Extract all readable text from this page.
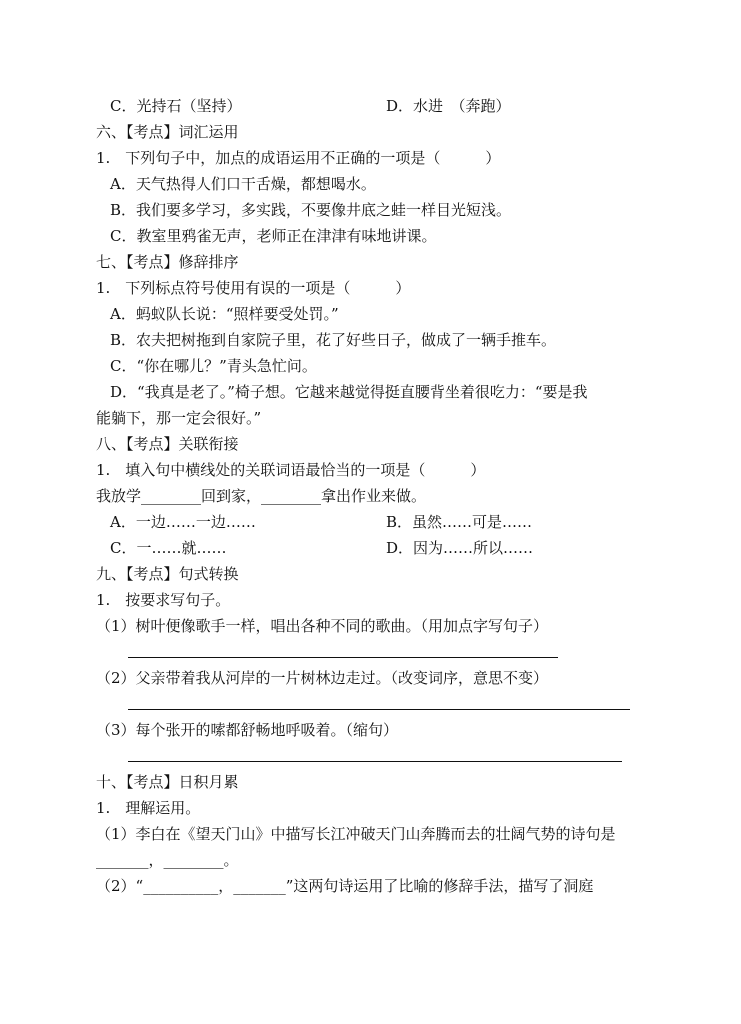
C．光持石（坚持）	D．水进　（奔跑）
六、【考点】词汇运用
1.　下列句子中，加点的成语运用不正确的一项是（　　　）
A．天气热得人们口干舌燥，都想喝水。
B．我们要多学习，多实践，不要像井底之蛙一样目光短浅。
C．教室里鸦雀无声，老师正在津津有味地讲课。
七、【考点】修辞排序
1.　下列标点符号使用有误的一项是（　　　）
A．蚂蚁队长说：“照样要受处罚。”
B．农夫把树拖到自家院子里，花了好些日子，做成了一辆手推车。
C．“你在哪儿？”青头急忙问。
D．“我真是老了。”椅子想。它越来越觉得挺直腰背坐着很吃力：“要是我
能躺下，那一定会很好。”
八、【考点】关联衔接
1.　填入句中横线处的关联词语最恰当的一项是（　　　）
我放学________回到家，________拿出作业来做。
A．一边……一边……	B．虽然……可是……
C．一……就……	D．因为……所以……
九、【考点】句式转换
1.　按要求写句子。
（1）树叶便像歌手一样，唱出各种不同的歌曲。（用加点字写句子）
（2）父亲带着我从河岸的一片树林边走过。（改变词序，意思不变）
（3）每个张开的嗦都舒畅地呼吸着。（缩句）
十、【考点】日积月累
1.　理解运用。
（1）李白在《望天门山》中描写长江冲破天门山奔腾而去的壮阔气势的诗句是
_______，________。
（2）“__________，_______”这两句诗运用了比喻的修辞手法，描写了洞庭
